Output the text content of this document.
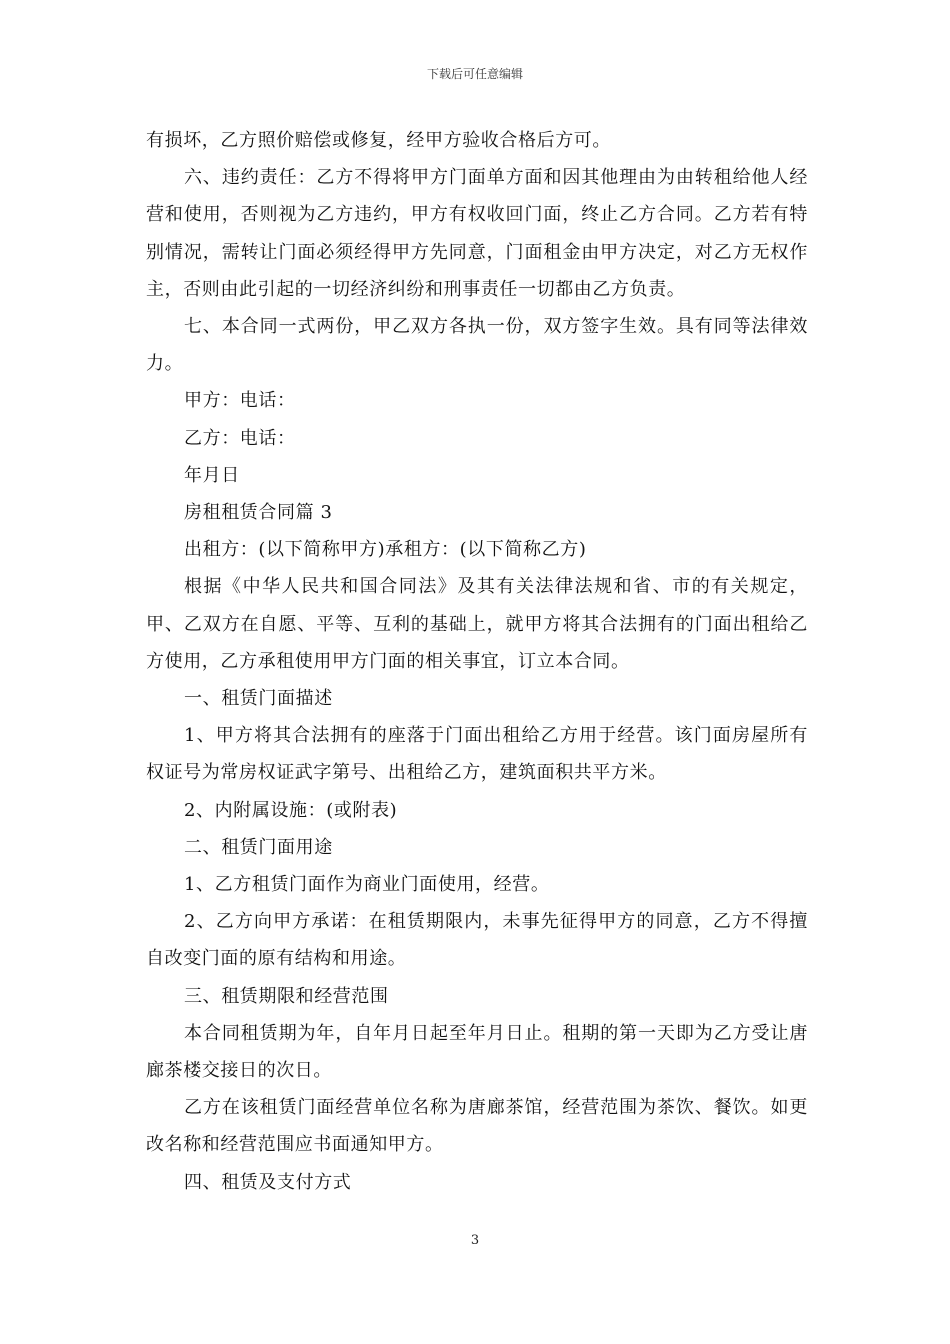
下载后可任意编辑

有损坏，乙方照价赔偿或修复，经甲方验收合格后方可。

六、违约责任：乙方不得将甲方门面单方面和因其他理由为由转租给他人经营和使用，否则视为乙方违约，甲方有权收回门面，终止乙方合同。乙方若有特别情况，需转让门面必须经得甲方先同意，门面租金由甲方决定，对乙方无权作主，否则由此引起的一切经济纠纷和刑事责任一切都由乙方负责。

七、本合同一式两份，甲乙双方各执一份，双方签字生效。具有同等法律效力。

甲方：电话：

乙方：电话：

年月日

房租租赁合同篇 3

出租方：(以下简称甲方)承租方：(以下简称乙方)

根据《中华人民共和国合同法》及其有关法律法规和省、市的有关规定，甲、乙双方在自愿、平等、互利的基础上，就甲方将其合法拥有的门面出租给乙方使用，乙方承租使用甲方门面的相关事宜，订立本合同。

一、租赁门面描述

1、甲方将其合法拥有的座落于门面出租给乙方用于经营。该门面房屋所有权证号为常房权证武字第号、出租给乙方，建筑面积共平方米。

2、内附属设施：(或附表)

二、租赁门面用途

1、乙方租赁门面作为商业门面使用，经营。

2、乙方向甲方承诺：在租赁期限内，未事先征得甲方的同意，乙方不得擅自改变门面的原有结构和用途。

三、租赁期限和经营范围

本合同租赁期为年，自年月日起至年月日止。租期的第一天即为乙方受让唐廊茶楼交接日的次日。

乙方在该租赁门面经营单位名称为唐廊茶馆，经营范围为茶饮、餐饮。如更改名称和经营范围应书面通知甲方。

四、租赁及支付方式

3
